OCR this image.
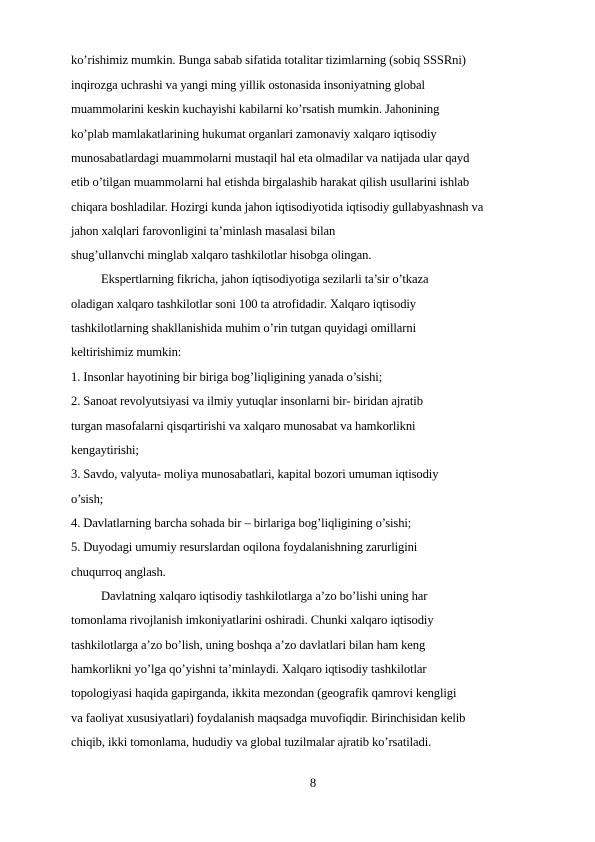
ko’rishimiz mumkin. Bunga sabab sifatida totalitar tizimlarning (sobiq SSSRni)
inqirozga uchrashi va yangi ming yillik ostonasida insoniyatning global
muammolarini keskin kuchayishi kabilarni ko’rsatish mumkin. Jahonining
ko’plab mamlakatlarining hukumat organlari zamonaviy xalqaro iqtisodiy
munosabatlardagi muammolarni mustaqil hal eta olmadilar va natijada ular qayd
etib o’tilgan muammolarni hal etishda birgalashib harakat qilish usullarini ishlab
chiqara boshladilar. Hozirgi kunda jahon iqtisodiyotida iqtisodiy gullabyashnash va
jahon xalqlari farovonligini ta’minlash masalasi bilan
shug’ullanvchi minglab xalqaro tashkilotlar hisobga olingan.
Ekspertlarning fikricha, jahon iqtisodiyotiga sezilarli ta’sir o’tkaza
oladigan xalqaro tashkilotlar soni 100 ta atrofidadir. Xalqaro iqtisodiy
tashkilotlarning shakllanishida muhim o’rin tutgan quyidagi omillarni
keltirishimiz mumkin:
1. Insonlar hayotining bir biriga bog’liqligining yanada o’sishi;
2. Sanoat revolyutsiyasi va ilmiy yutuqlar insonlarni bir- biridan ajratib
turgan masofalarni qisqartirishi va xalqaro munosabat va hamkorlikni
kengaytirishi;
3. Savdo, valyuta- moliya munosabatlari, kapital bozori umuman iqtisodiy
o’sish;
4. Davlatlarning barcha sohada bir – birlariga bog’liqligining o’sishi;
5. Duyodagi umumiy resurslardan oqilona foydalanishning zarurligini
chuqurroq anglash.
Davlatning xalqaro iqtisodiy tashkilotlarga a’zo bo’lishi uning har
tomonlama rivojlanish imkoniyatlarini oshiradi. Chunki xalqaro iqtisodiy
tashkilotlarga a’zo bo’lish, uning boshqa a’zo davlatlari bilan ham keng
hamkorlikni yo’lga qo’yishni ta’minlaydi. Xalqaro iqtisodiy tashkilotlar
topologiyasi haqida gapirganda, ikkita mezondan (geografik qamrovi kengligi
va faoliyat xususiyatlari) foydalanish maqsadga muvofiqdir. Birinchisidan kelib
chiqib, ikki tomonlama, hududiy va global tuzilmalar ajratib ko’rsatiladi.
8
